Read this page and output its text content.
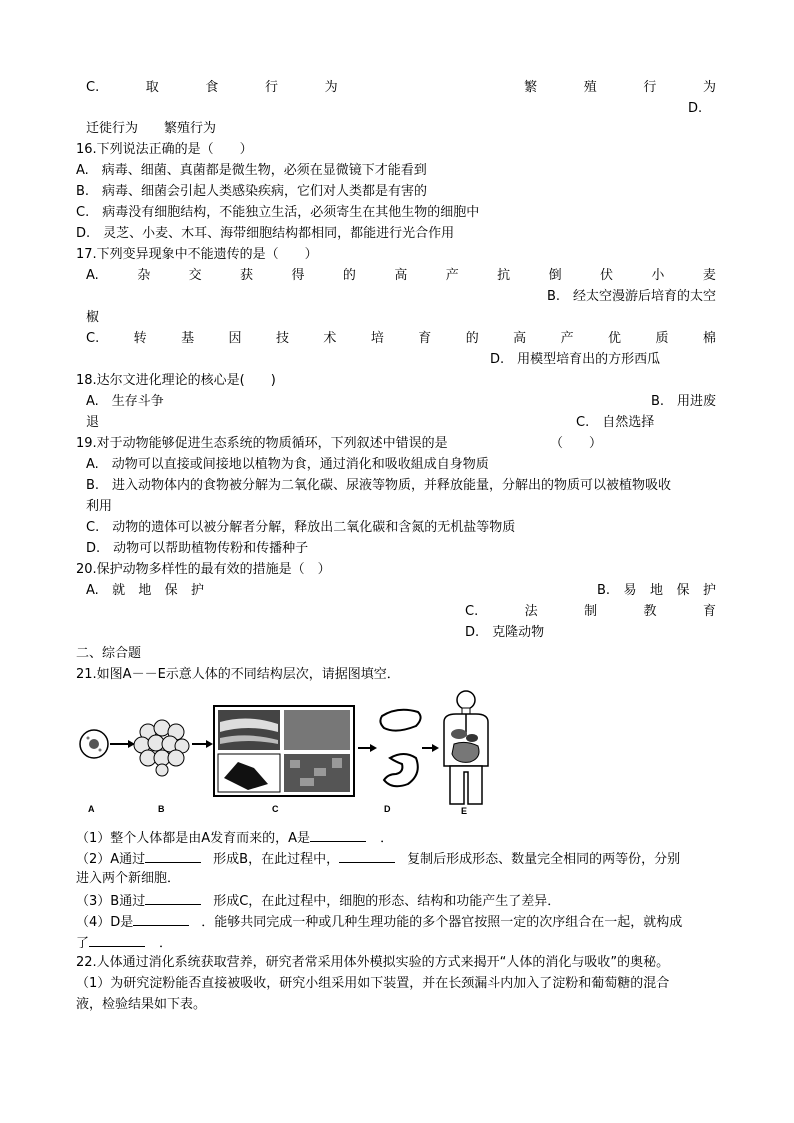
C.	取	食	行	为	繁	殖	行	为
D.
迁徙行为　　繁殖行为
16.下列说法正确的是（　　）
A.　病毒、细菌、真菌都是微生物，必须在显微镜下才能看到
B.　病毒、细菌会引起人类感染疾病，它们对人类都是有害的
C.　病毒没有细胞结构，不能独立生活，必须寄生在其他生物的细胞中
D.　灵芝、小麦、木耳、海带细胞结构都相同，都能进行光合作用
17.下列变异现象中不能遗传的是（　　）
A.	杂	交	获	得	的	高	产	抗	倒	伏	小	麦
B.　经太空漫游后培育的太空
椒
C.	转	基	因	技	术	培	育	的	高	产	优	质	棉
D.　用模型培育出的方形西瓜
18.达尔文进化理论的核心是(　　)
A.　生存斗争	B.　用进废
退	C.　自然选择
19.对于动物能够促进生态系统的物质循环，下列叙述中错误的是	（　　）
A.　动物可以直接或间接地以植物为食，通过消化和吸收組成自身物质
B.　进入动物体内的食物被分解为二氧化碳、尿液等物质，并释放能量，分解出的物质可以被植物吸收
利用
C.　动物的遗体可以被分解者分解，释放出二氧化碳和含氮的无机盐等物质
D.　动物可以帮助植物传粉和传播种子
20.保护动物多样性的最有效的措施是（　）
A. 就 地 保 护	B. 易 地 保 护
C.	法	制	教	育
D.　克隆动物
二、综合题
21.如图A－－E示意人体的不同结构层次，请据图填空．
A	B	C	D	E
（1）整个人体都是由A发育而来的，A是	．
（2）A通过	形成B，在此过程中，	复制后形成形态、数量完全相同的两等份，分别
进入两个新细胞．
（3）B通过	形成C，在此过程中，细胞的形态、结构和功能产生了差异．
（4）D是	．能够共同完成一种或几种生理功能的多个器官按照一定的次序组合在一起，就构成
了	．
22.人体通过消化系统获取营养，研究者常采用体外模拟实验的方式来揭开“人体的消化与吸收”的奥秘。
（1）为研究淀粉能否直接被吸收，研究小组采用如下装置，并在长颈漏斗内加入了淀粉和葡萄糖的混合
液，检验结果如下表。
